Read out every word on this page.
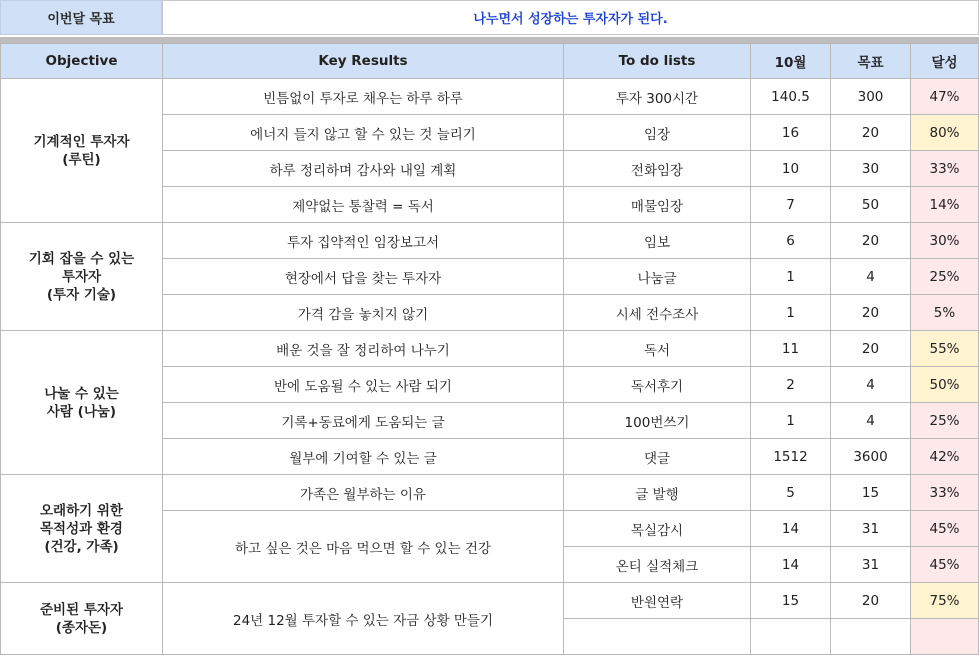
이번달 목표	나누면서 성장하는 투자자가 된다.
Objective	Key Results	To do lists	10월	목표	달성

기계적인 투자자
(루틴)	빈틈없이 투자로 채우는 하루 하루	투자 300시간	140.5	300	47%
	에너지 들지 않고 할 수 있는 것 늘리기	임장	16	20	80%
	하루 정리하며 감사와 내일 계획	전화임장	10	30	33%
	제약없는 통찰력 = 독서	매물임장	7	50	14%

기회 잡을 수 있는
투자자
(투자 기술)	투자 집약적인 임장보고서	임보	6	20	30%
	현장에서 답을 찾는 투자자	나눔글	1	4	25%
	가격 감을 놓치지 않기	시세 전수조사	1	20	5%

나눌 수 있는
사람 (나눔)	배운 것을 잘 정리하여 나누기	독서	11	20	55%
	반에 도움될 수 있는 사람 되기	독서후기	2	4	50%
	기록+동료에게 도움되는 글	100번쓰기	1	4	25%
	월부에 기여할 수 있는 글	댓글	1512	3600	42%

오래하기 위한
목적성과 환경
(건강, 가족)	가족은 월부하는 이유	글 발행	5	15	33%
	하고 싶은 것은 마음 먹으면 할 수 있는 건강	목실감시	14	31	45%
		온티 실적체크	14	31	45%

준비된 투자자
(종자돈)	24년 12월 투자할 수 있는 자금 상황 만들기	반원연락	15	20	75%
